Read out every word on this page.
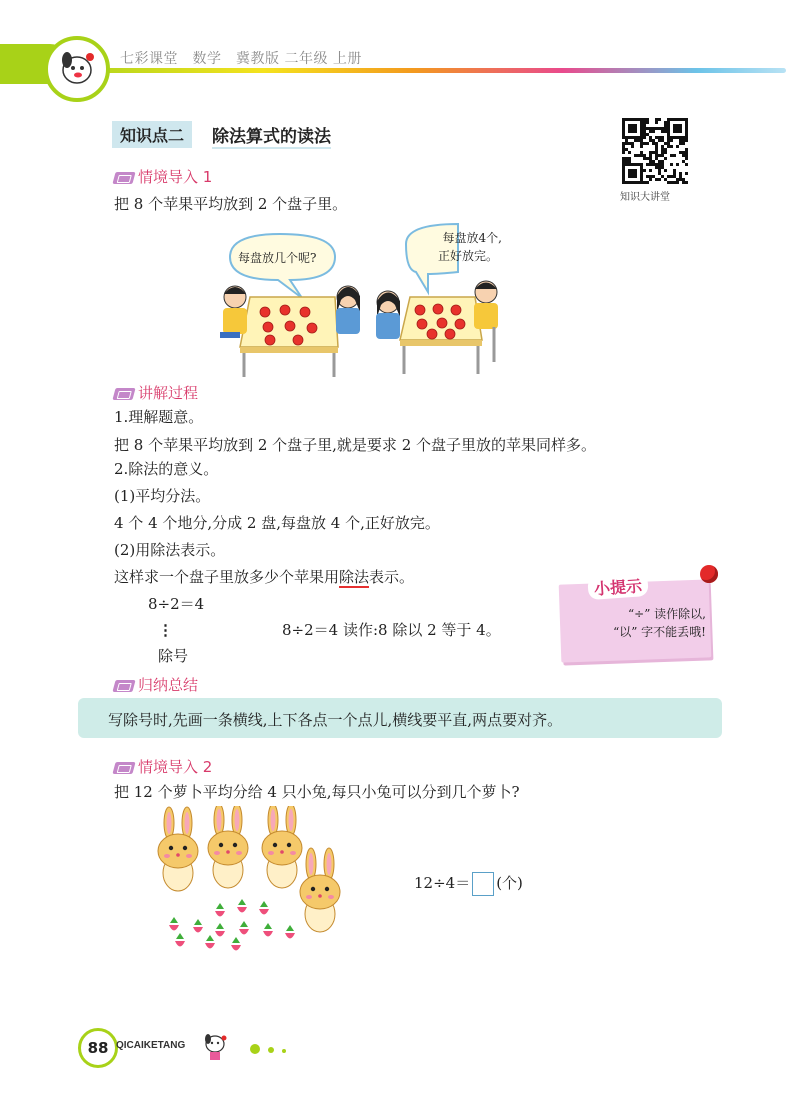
七彩课堂　数学　冀教版 二年级 上册
知识点二	除法算式的读法
知识大讲堂
情境导入 1
把 8 个苹果平均放到 2 个盘子里。
每盘放几个呢?
每盘放4个,
正好放完。
讲解过程
1.理解题意。
把 8 个苹果平均放到 2 个盘子里,就是要求 2 个盘子里放的苹果同样多。
2.除法的意义。
(1)平均分法。
4 个 4 个地分,分成 2 盘,每盘放 4 个,正好放完。
(2)用除法表示。
这样求一个盘子里放多少个苹果用除法表示。
8÷2＝4
⋮
除号
8÷2＝4 读作:8 除以 2 等于 4。
小提示
“÷” 读作除以,
“以” 字不能丢哦!
归纳总结
写除号时,先画一条横线,上下各点一个点儿,横线要平直,两点要对齐。
情境导入 2
把 12 个萝卜平均分给 4 只小兔,每只小兔可以分到几个萝卜?
12÷4＝ (个)
88 QICAIKETANG
